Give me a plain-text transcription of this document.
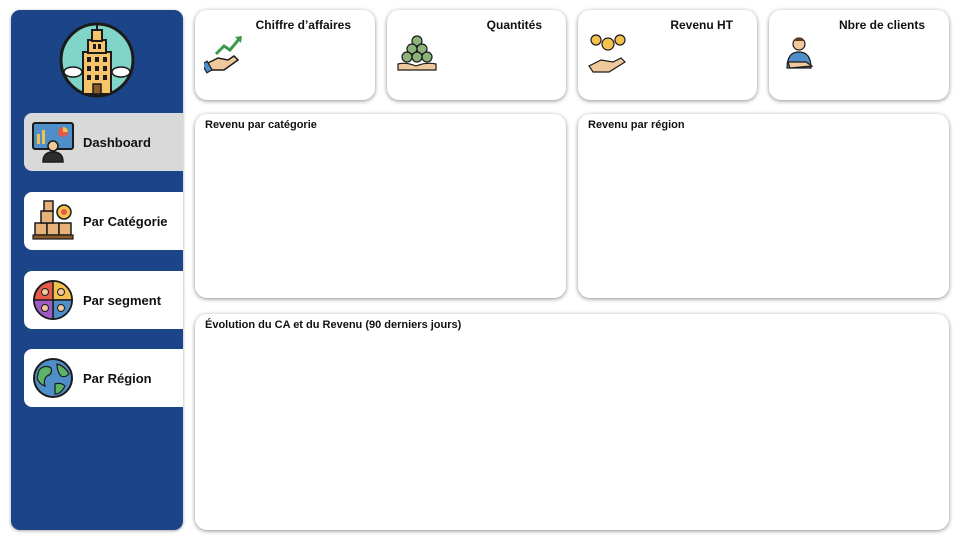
Dashboard
Par Catégorie
Par segment
Par Région
Chiffre d’affaires	Quantités	Revenu HT	Nbre de clients
Revenu par catégorie	Revenu par région
Évolution du CA et du Revenu (90 derniers jours)
